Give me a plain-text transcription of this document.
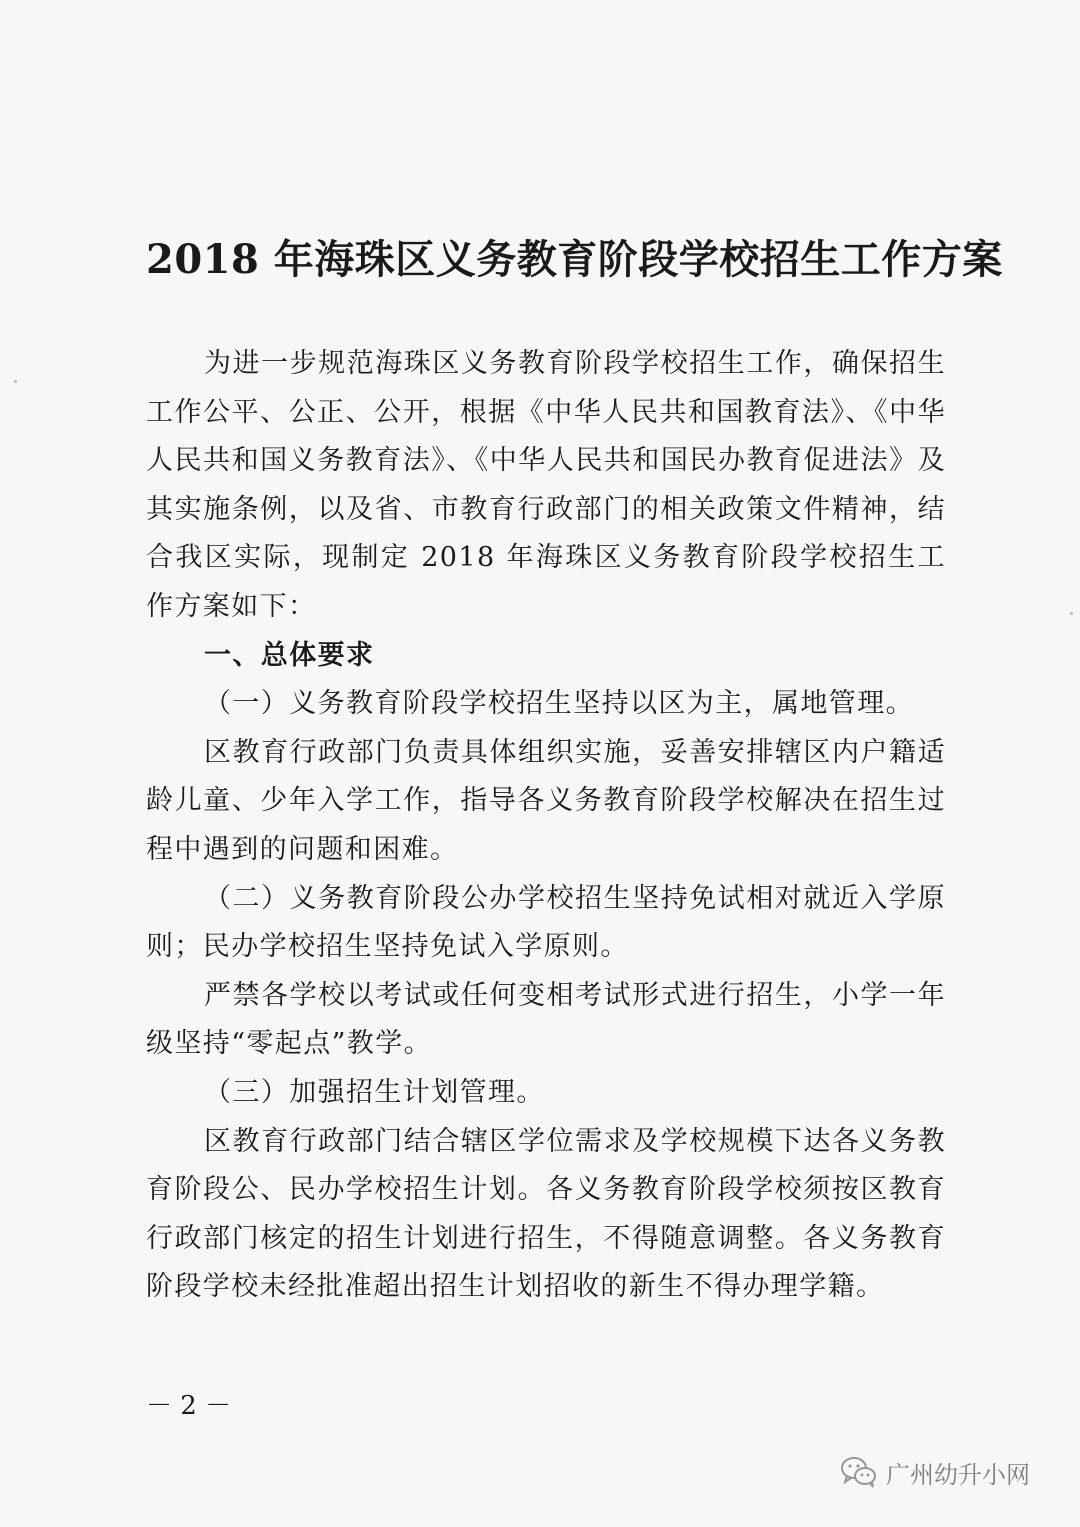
2018 年海珠区义务教育阶段学校招生工作方案

为进一步规范海珠区义务教育阶段学校招生工作，确保招生工作公平、公正、公开，根据《中华人民共和国教育法》、《中华人民共和国义务教育法》、《中华人民共和国民办教育促进法》及其实施条例，以及省、市教育行政部门的相关政策文件精神，结合我区实际，现制定 2018 年海珠区义务教育阶段学校招生工作方案如下：

一、总体要求

（一）义务教育阶段学校招生坚持以区为主，属地管理。

区教育行政部门负责具体组织实施，妥善安排辖区内户籍适龄儿童、少年入学工作，指导各义务教育阶段学校解决在招生过程中遇到的问题和困难。

（二）义务教育阶段公办学校招生坚持免试相对就近入学原则；民办学校招生坚持免试入学原则。

严禁各学校以考试或任何变相考试形式进行招生，小学一年级坚持“零起点”教学。

（三）加强招生计划管理。

区教育行政部门结合辖区学位需求及学校规模下达各义务教育阶段公、民办学校招生计划。各义务教育阶段学校须按区教育行政部门核定的招生计划进行招生，不得随意调整。各义务教育阶段学校未经批准超出招生计划招收的新生不得办理学籍。

－ 2 －
广州幼升小网
